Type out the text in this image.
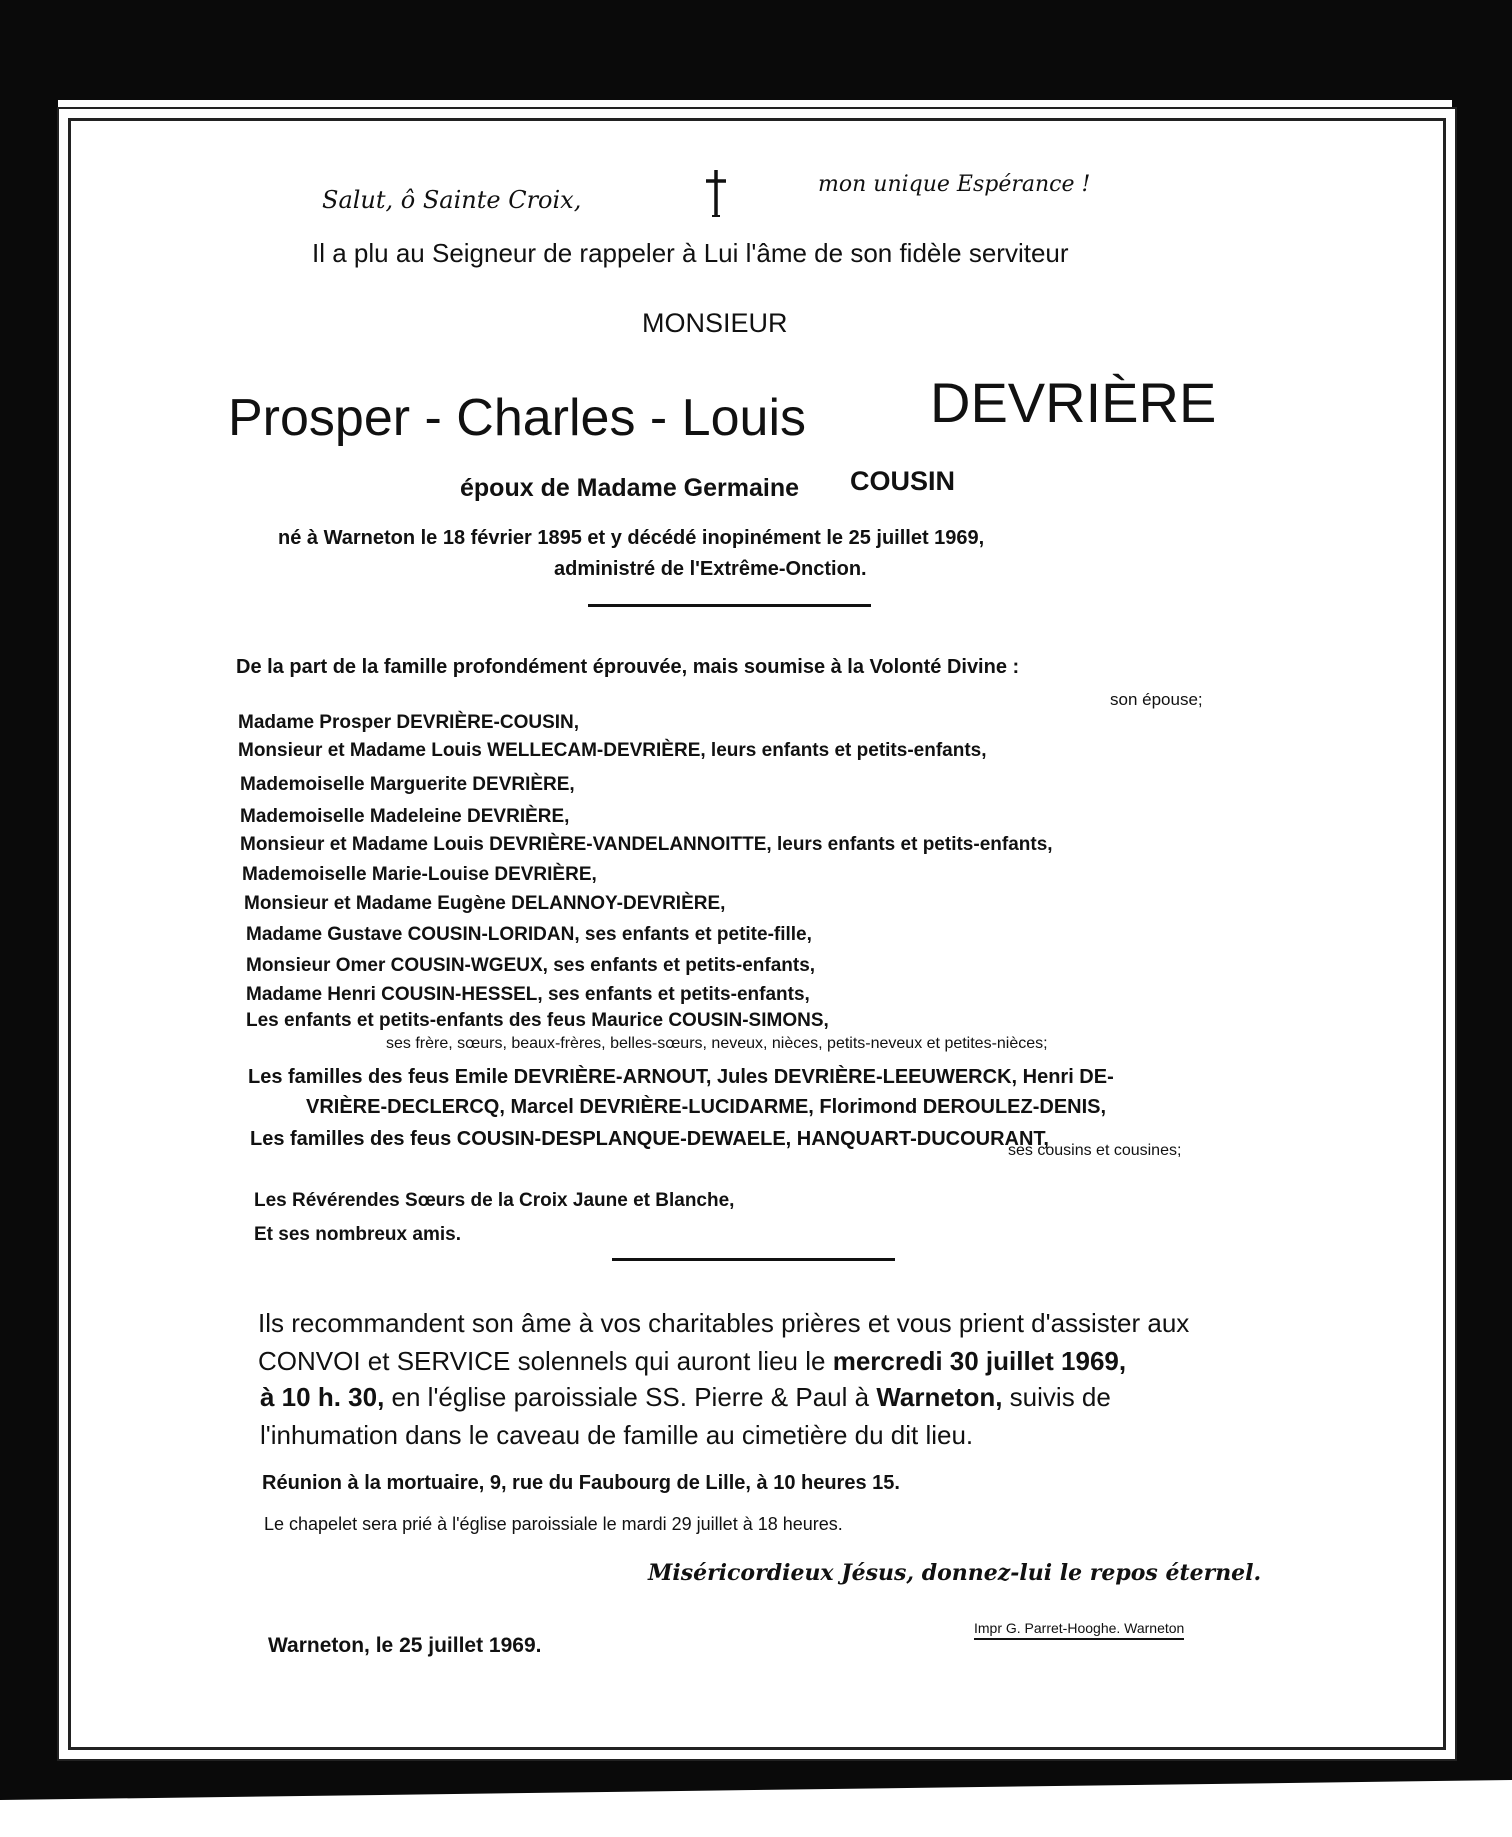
Salut, ô Sainte Croix,
mon unique Espérance !
Il a plu au Seigneur de rappeler à Lui l'âme de son fidèle serviteur
MONSIEUR
Prosper - Charles - Louis DEVRIÈRE
époux de Madame Germaine COUSIN
né à Warneton le 18 février 1895 et y décédé inopinément le 25 juillet 1969,
administré de l'Extrême-Onction.
De la part de la famille profondément éprouvée, mais soumise à la Volonté Divine :
Madame Prosper DEVRIÈRE-COUSIN,
son épouse;
Monsieur et Madame Louis WELLECAM-DEVRIÈRE, leurs enfants et petits-enfants,
Mademoiselle Marguerite DEVRIÈRE,
Mademoiselle Madeleine DEVRIÈRE,
Monsieur et Madame Louis DEVRIÈRE-VANDELANNOITTE, leurs enfants et petits-enfants,
Mademoiselle Marie-Louise DEVRIÈRE,
Monsieur et Madame Eugène DELANNOY-DEVRIÈRE,
Madame Gustave COUSIN-LORIDAN, ses enfants et petite-fille,
Monsieur Omer COUSIN-WGEUX, ses enfants et petits-enfants,
Madame Henri COUSIN-HESSEL, ses enfants et petits-enfants,
Les enfants et petits-enfants des feus Maurice COUSIN-SIMONS,
ses frère, sœurs, beaux-frères, belles-sœurs, neveux, nièces, petits-neveux et petites-nièces;
Les familles des feus Emile DEVRIÈRE-ARNOUT, Jules DEVRIÈRE-LEEUWERCK, Henri DE-
VRIÈRE-DECLERCQ, Marcel DEVRIÈRE-LUCIDARME, Florimond DEROULEZ-DENIS,
Les familles des feus COUSIN-DESPLANQUE-DEWAELE, HANQUART-DUCOURANT,
ses cousins et cousines;
Les Révérendes Sœurs de la Croix Jaune et Blanche,
Et ses nombreux amis.
Ils recommandent son âme à vos charitables prières et vous prient d'assister aux
CONVOI et SERVICE solennels qui auront lieu le mercredi 30 juillet 1969,
à 10 h. 30, en l'église paroissiale SS. Pierre & Paul à Warneton, suivis de
l'inhumation dans le caveau de famille au cimetière du dit lieu.
Réunion à la mortuaire, 9, rue du Faubourg de Lille, à 10 heures 15.
Le chapelet sera prié à l'église paroissiale le mardi 29 juillet à 18 heures.
Miséricordieux Jésus, donnez-lui le repos éternel.
Warneton, le 25 juillet 1969.
Impr G. Parret-Hooghe. Warneton
